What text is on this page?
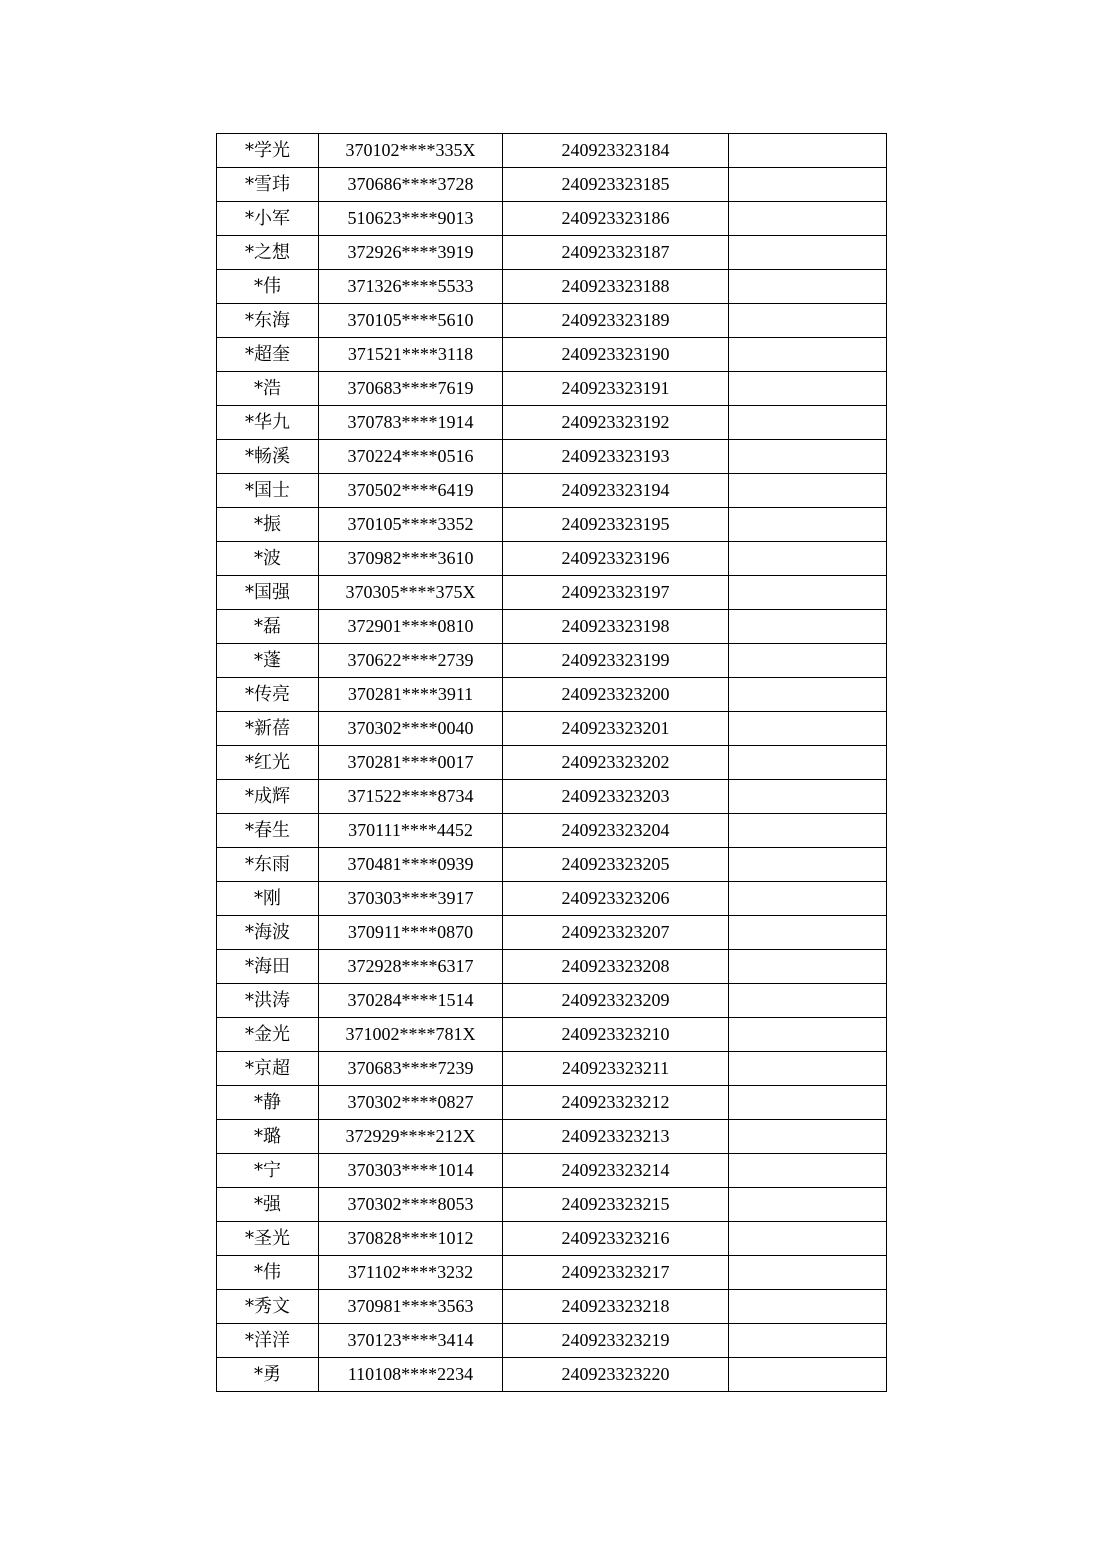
*学光	370102****335X	240923323184	
*雪玮	370686****3728	240923323185	
*小军	510623****9013	240923323186	
*之想	372926****3919	240923323187	
*伟	371326****5533	240923323188	
*东海	370105****5610	240923323189	
*超奎	371521****3118	240923323190	
*浩	370683****7619	240923323191	
*华九	370783****1914	240923323192	
*畅溪	370224****0516	240923323193	
*国士	370502****6419	240923323194	
*振	370105****3352	240923323195	
*波	370982****3610	240923323196	
*国强	370305****375X	240923323197	
*磊	372901****0810	240923323198	
*蓬	370622****2739	240923323199	
*传亮	370281****3911	240923323200	
*新蓓	370302****0040	240923323201	
*红光	370281****0017	240923323202	
*成辉	371522****8734	240923323203	
*春生	370111****4452	240923323204	
*东雨	370481****0939	240923323205	
*刚	370303****3917	240923323206	
*海波	370911****0870	240923323207	
*海田	372928****6317	240923323208	
*洪涛	370284****1514	240923323209	
*金光	371002****781X	240923323210	
*京超	370683****7239	240923323211	
*静	370302****0827	240923323212	
*璐	372929****212X	240923323213	
*宁	370303****1014	240923323214	
*强	370302****8053	240923323215	
*圣光	370828****1012	240923323216	
*伟	371102****3232	240923323217	
*秀文	370981****3563	240923323218	
*洋洋	370123****3414	240923323219	
*勇	110108****2234	240923323220	
